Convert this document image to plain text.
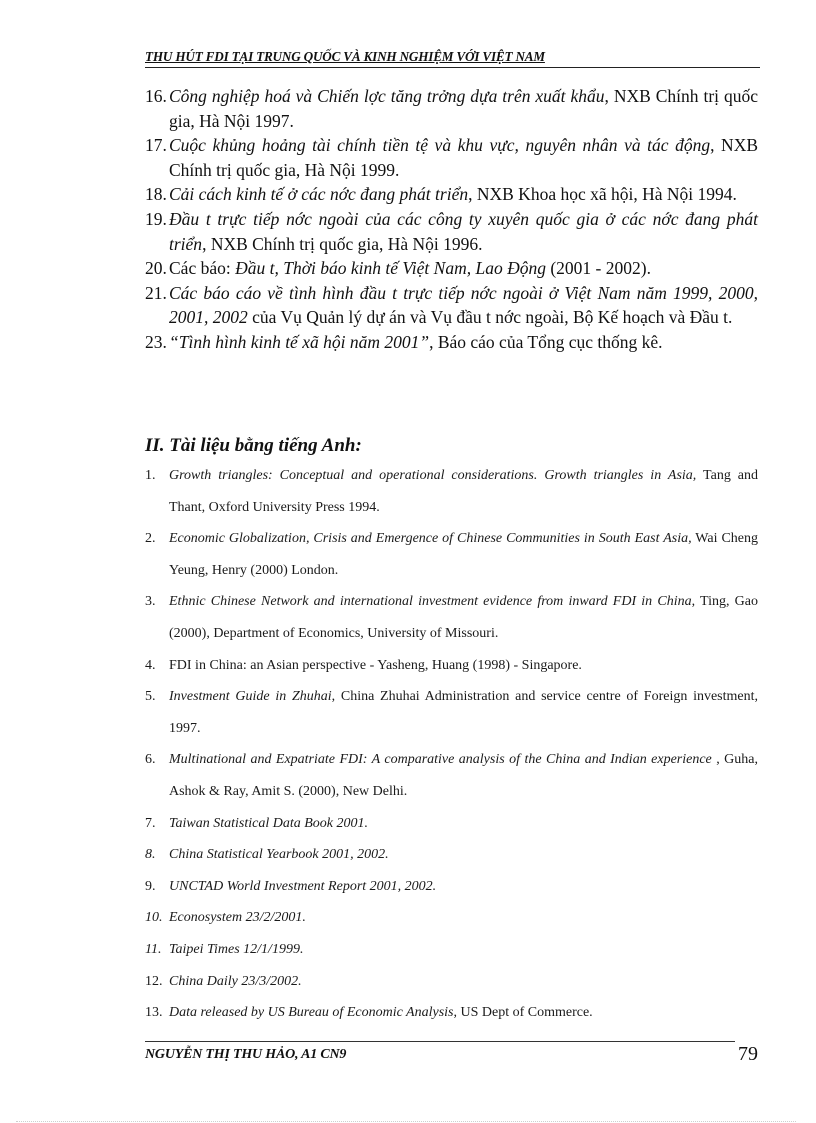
THU HÚT FDI TẠI TRUNG QUỐC VÀ KINH NGHIỆM VỚI VIỆT NAM

16. Công nghiệp hoá và Chiến lợc tăng trởng dựa trên xuất khẩu, NXB Chính trị quốc gia, Hà Nội 1997.

17. Cuộc khủng hoảng tài chính tiền tệ và khu vực, nguyên nhân và tác động, NXB Chính trị quốc gia, Hà Nội 1999.

18. Cải cách kinh tế ở các nớc đang phát triển, NXB Khoa học xã hội, Hà Nội 1994.

19. Đầu t trực tiếp nớc ngoài của các công ty xuyên quốc gia ở các nớc đang phát triển, NXB Chính trị quốc gia, Hà Nội 1996.

20. Các báo: Đầu t, Thời báo kinh tế Việt Nam, Lao Động (2001 - 2002).

21. Các báo cáo về tình hình đầu t trực tiếp nớc ngoài ở Việt Nam năm 1999, 2000, 2001, 2002 của Vụ Quản lý dự án và Vụ đầu t nớc ngoài, Bộ Kế hoạch và Đầu t.

23. “Tình hình kinh tế xã hội năm 2001”, Báo cáo của Tổng cục thống kê.

II. Tài liệu bằng tiếng Anh:

1. Growth triangles: Conceptual and operational considerations. Growth triangles in Asia, Tang and Thant, Oxford University Press 1994.

2. Economic Globalization, Crisis and Emergence of Chinese Communities in South East Asia, Wai Cheng Yeung, Henry (2000) London.

3. Ethnic Chinese Network and international investment evidence from inward FDI in China, Ting, Gao (2000), Department of Economics, University of Missouri.

4. FDI in China: an Asian perspective - Yasheng, Huang (1998) - Singapore.

5. Investment Guide in Zhuhai, China Zhuhai Administration and service centre of Foreign investment, 1997.

6. Multinational and Expatriate FDI: A comparative analysis of the China and Indian experience , Guha, Ashok & Ray, Amit S. (2000), New Delhi.

7. Taiwan Statistical Data Book 2001.

8. China Statistical Yearbook 2001, 2002.

9. UNCTAD World Investment Report 2001, 2002.

10. Econosystem 23/2/2001.

11. Taipei Times 12/1/1999.

12. China Daily 23/3/2002.

13. Data released by US Bureau of Economic Analysis, US Dept of Commerce.

NGUYỄN THỊ THU HẢO, A1 CN9	79
